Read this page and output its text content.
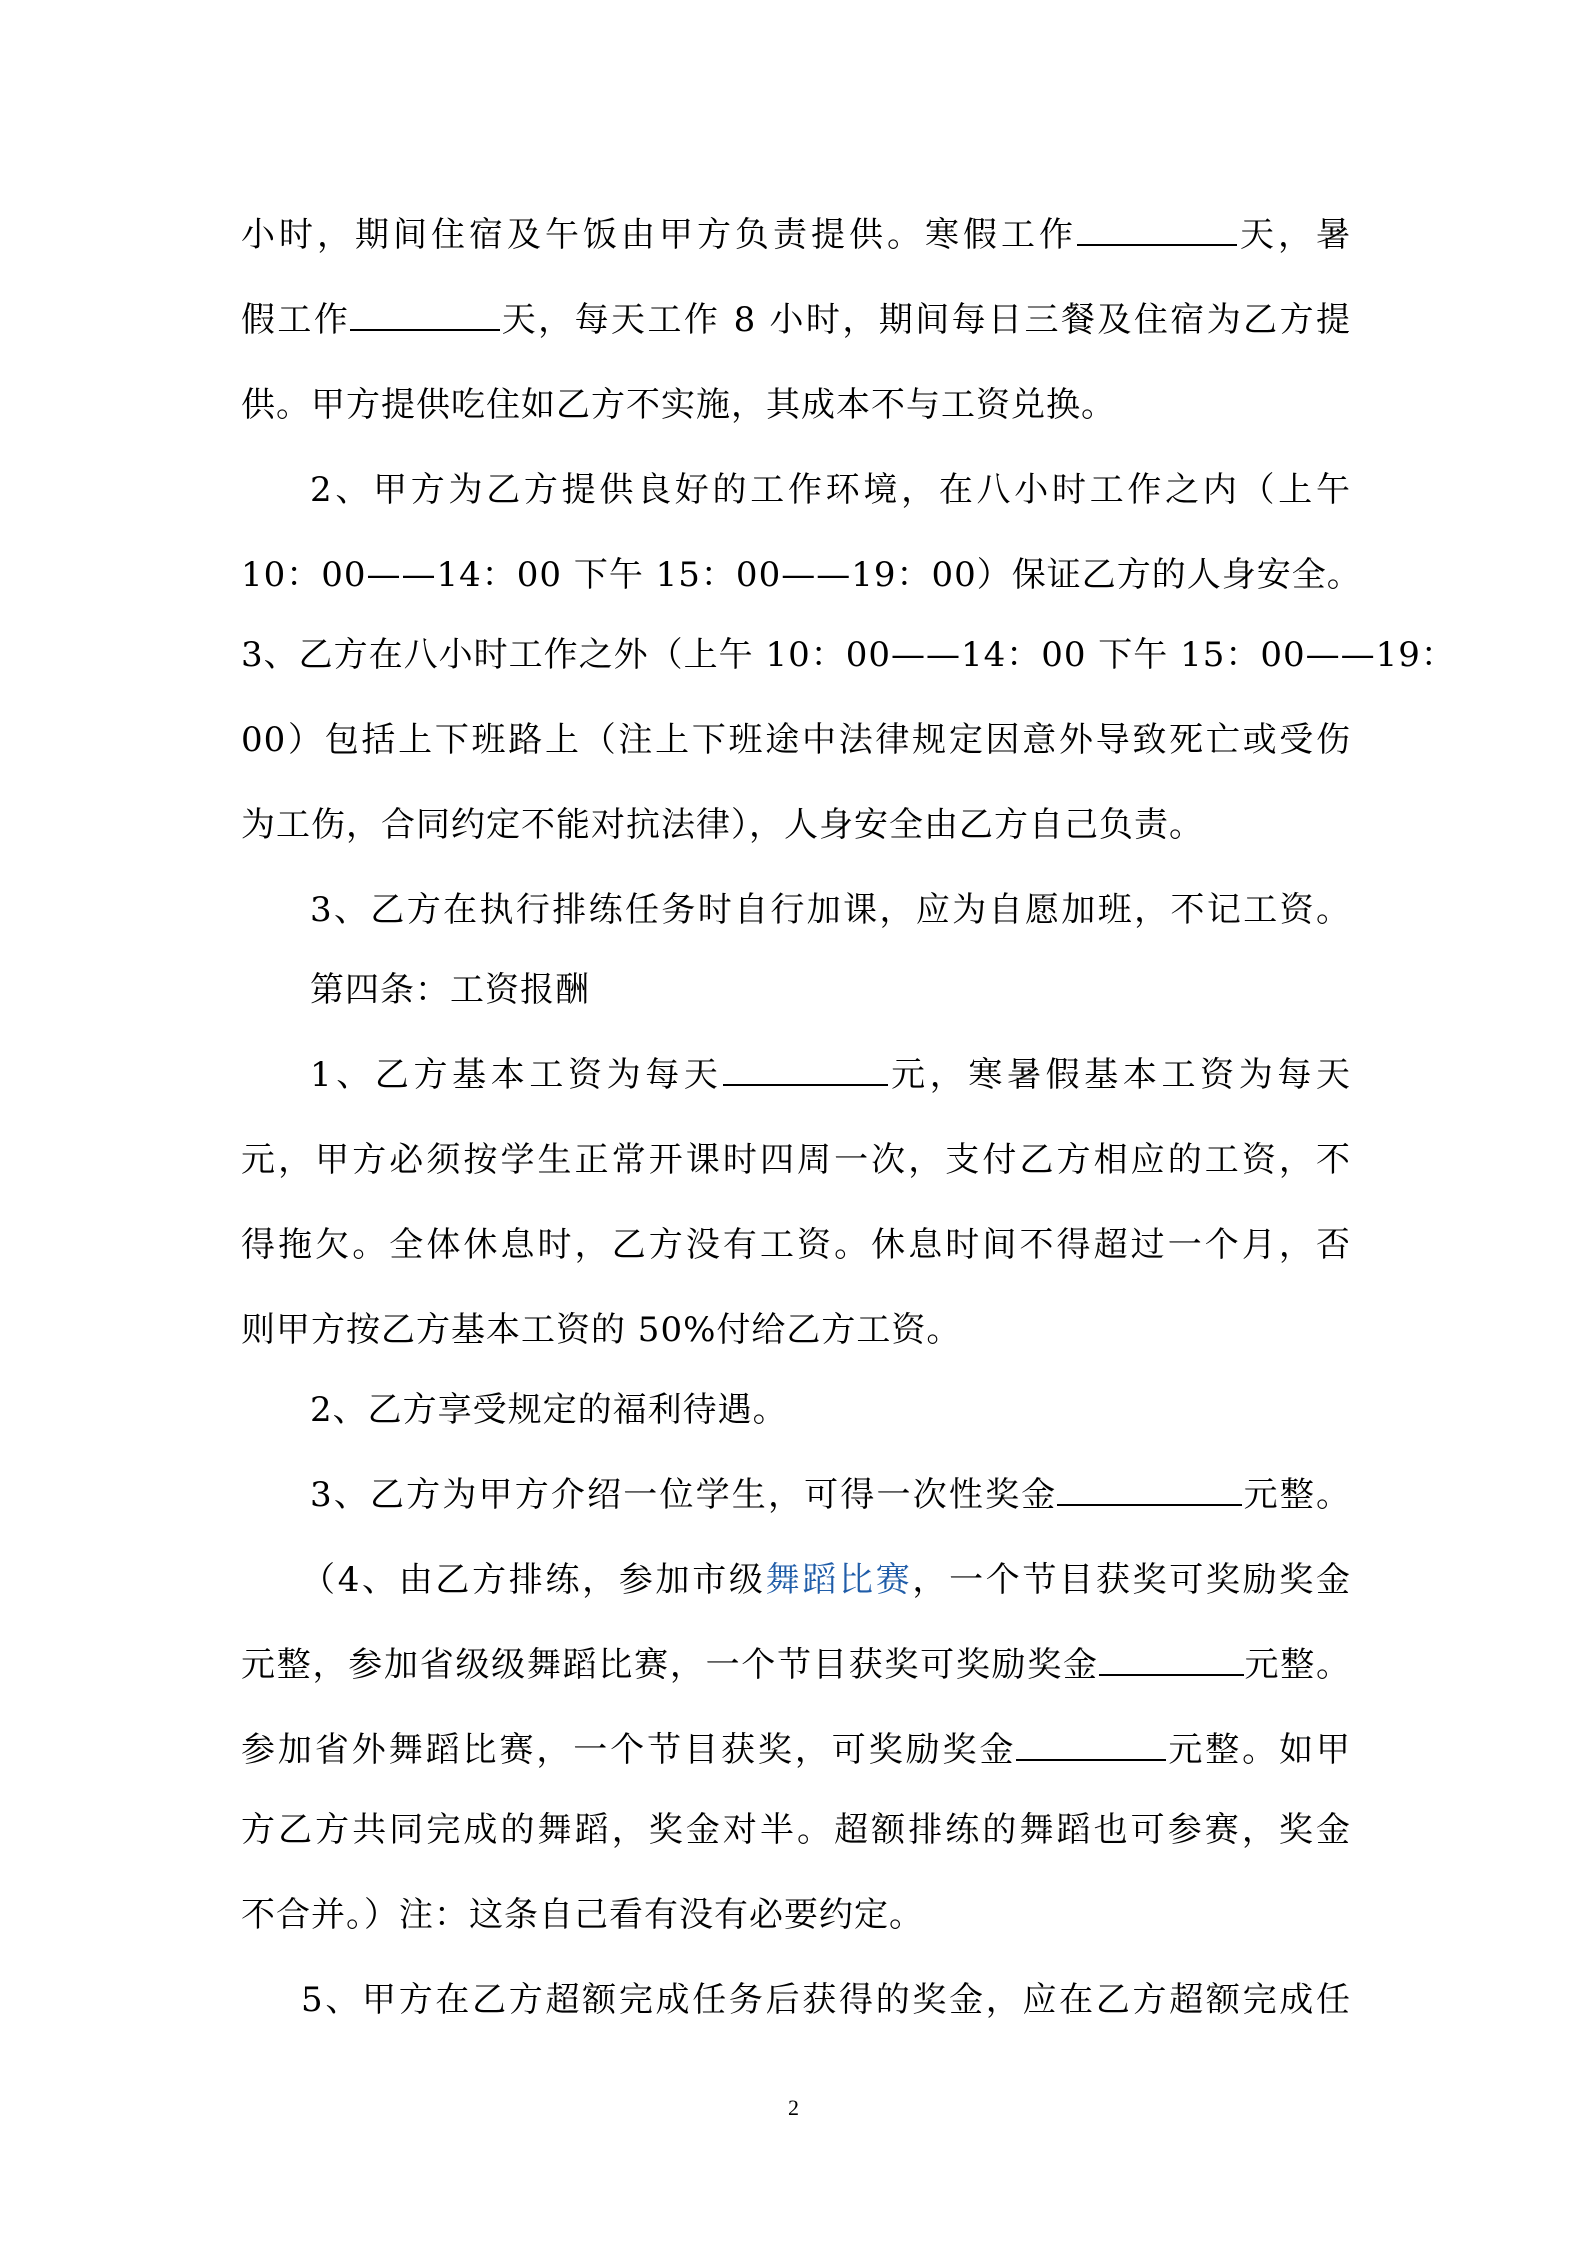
小时，期间住宿及午饭由甲方负责提供。寒假工作	天，暑
假工作	天，每天工作 8 小时，期间每日三餐及住宿为乙方提
供。甲方提供吃住如乙方不实施，其成本不与工资兑换。
2、甲方为乙方提供良好的工作环境，在八小时工作之内（上午
10：00——14：00 下午 15：00——19：00）保证乙方的人身安全。
3、乙方在八小时工作之外（上午 10：00——14：00 下午 15：00——19：
00）包括上下班路上（注上下班途中法律规定因意外导致死亡或受伤
为工伤，合同约定不能对抗法律），人身安全由乙方自己负责。
3、乙方在执行排练任务时自行加课，应为自愿加班，不记工资。
第四条：工资报酬
1、乙方基本工资为每天	元，寒暑假基本工资为每天
元，甲方必须按学生正常开课时四周一次，支付乙方相应的工资，不
得拖欠。全体休息时，乙方没有工资。休息时间不得超过一个月，否
则甲方按乙方基本工资的 50%付给乙方工资。
2、乙方享受规定的福利待遇。
3、乙方为甲方介绍一位学生，可得一次性奖金	元整。
（4、由乙方排练，参加市级舞蹈比赛，一个节目获奖可奖励奖金
元整，参加省级级舞蹈比赛，一个节目获奖可奖励奖金	元整。
参加省外舞蹈比赛，一个节目获奖，可奖励奖金	元整。如甲
方乙方共同完成的舞蹈，奖金对半。超额排练的舞蹈也可参赛，奖金
不合并。）注：这条自己看有没有必要约定。
5、甲方在乙方超额完成任务后获得的奖金，应在乙方超额完成任
2
